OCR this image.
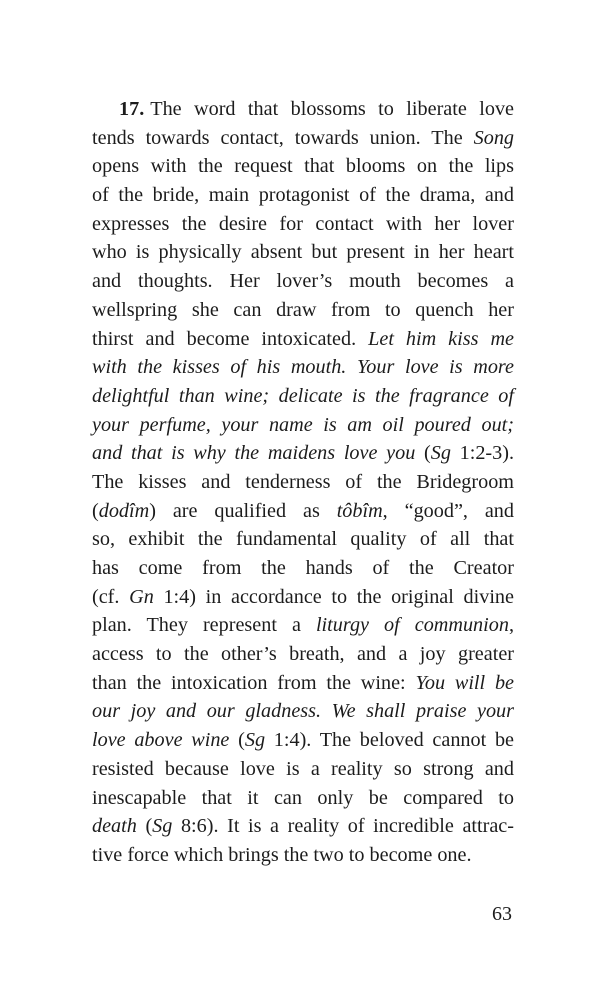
17. The word that blossoms to liberate love
tends towards contact, towards union. The Song
opens with the request that blooms on the lips
of the bride, main protagonist of the drama, and
expresses the desire for contact with her lover
who is physically absent but present in her heart
and thoughts. Her lover’s mouth becomes a
wellspring she can draw from to quench her
thirst and become intoxicated. Let him kiss me
with the kisses of his mouth. Your love is more
delightful than wine; delicate is the fragrance of
your perfume, your name is am oil poured out;
and that is why the maidens love you (Sg 1:2-3).
The kisses and tenderness of the Bridegroom
(dodîm) are qualified as tôbîm, “good”, and
so, exhibit the fundamental quality of all that
has come from the hands of the Creator
(cf. Gn 1:4) in accordance to the original divine
plan. They represent a liturgy of communion,
access to the other’s breath, and a joy greater
than the intoxication from the wine: You will be
our joy and our gladness. We shall praise your
love above wine (Sg 1:4). The beloved cannot be
resisted because love is a reality so strong and
inescapable that it can only be compared to
death (Sg 8:6). It is a reality of incredible attrac-
tive force which brings the two to become one.
63
